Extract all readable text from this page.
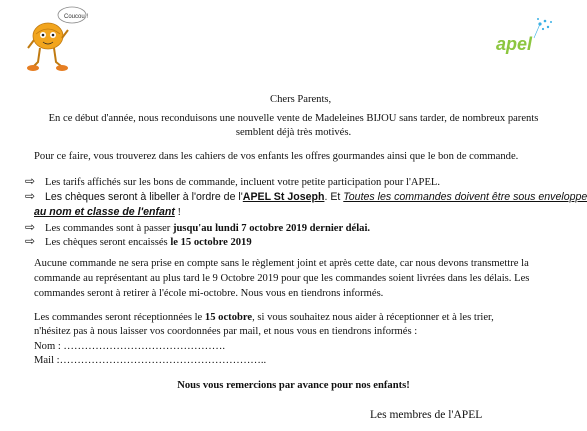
Coucou !
apel
Chers Parents,
En ce début d'année, nous reconduisons une nouvelle vente de Madeleines BIJOU sans tarder, de nombreux parents
semblent déjà très motivés.
Pour ce faire, vous trouverez dans les cahiers de vos enfants les offres gourmandes ainsi que le bon de commande.
⇨ Les tarifs affichés sur les bons de commande, incluent votre petite participation pour l'APEL.
⇨ Les chèques seront à libeller à l'ordre de l'APEL St Joseph. Et Toutes les commandes doivent être sous enveloppe
au nom et classe de l'enfant !
⇨ Les commandes sont à passer jusqu'au lundi 7 octobre 2019 dernier délai.
⇨ Les chèques seront encaissés le 15 octobre 2019
Aucune commande ne sera prise en compte sans le règlement joint et après cette date, car nous devons transmettre la
commande au représentant au plus tard le 9 Octobre 2019 pour que les commandes soient livrées dans les délais. Les
commandes seront à retirer à l'école mi-octobre. Nous vous en tiendrons informés.
Les commandes seront réceptionnées le 15 octobre, si vous souhaitez nous aider à réceptionner et à les trier,
n'hésitez pas à nous laisser vos coordonnées par mail, et nous vous en tiendrons informés :
Nom : ……………………………………….
Mail :…………………………………………………..
Nous vous remercions par avance pour nos enfants!
Les membres de l'APEL
